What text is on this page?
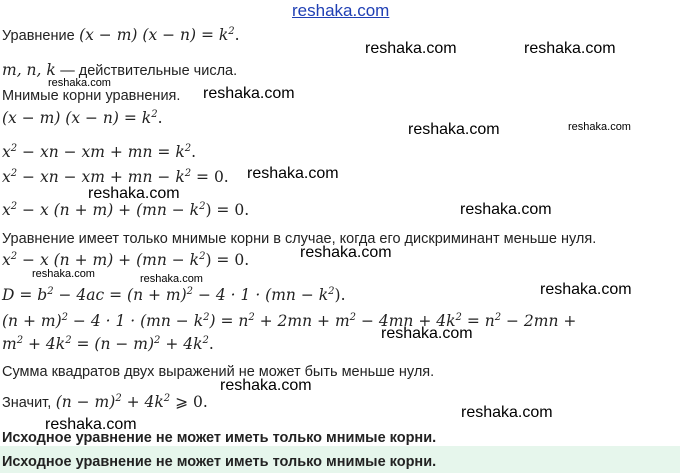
reshaka.com
reshaka.com	reshaka.com
reshaka.com
reshaka.com
reshaka.com	reshaka.com
reshaka.com
reshaka.com
reshaka.com
reshaka.com
reshaka.com	reshaka.com
reshaka.com
reshaka.com
reshaka.com
reshaka.com
reshaka.com
Уравнение (x − m) $(x - n) = k^2$.
m, n, k — действительные числа.
Мнимые корни уравнения.
(x − m) $(x - n) = k^2$.
$x^2$ − xn − xm + mn = $k^2$.
$x^2$ − xn − xm + mn − $k^2 = 0$.
$x^2 - x$ $(n + m) + (mn - k^2) = 0$.
Уравнение имеет только мнимые корни в случае, когда его дискриминант меньше нуля.
$x^2 - x$ $(n + m) + (mn - k^2) = 0$.
$D = b^2 - 4ac = (n + m)^2 - 4 \cdot 1 \cdot (mn - k^2)$.
$(n + m)^2 - 4 \cdot 1 \cdot (mn - k^2) = n^2 + 2mn + m^2 - 4mn + 4k^2 = n^2 - 2mn$ +
$m^2 + 4k^2 = (n - m)^2 + 4k^2$.
Сумма квадратов двух выражений не может быть меньше нуля.
Значит, $(n - m)^2 + 4k^2$ ⩾ 0.
Исходное уравнение не может иметь только мнимые корни.
Исходное уравнение не может иметь только мнимые корни.
